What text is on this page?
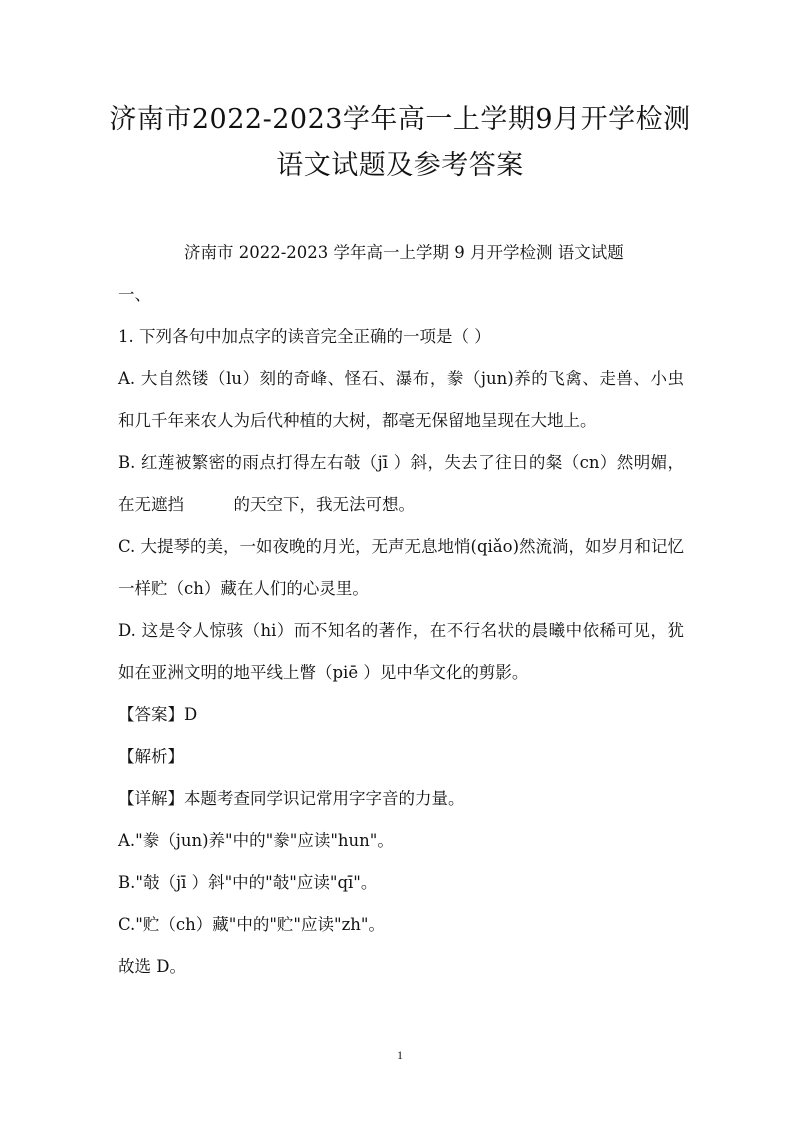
济南市2022-2023学年高一上学期9月开学检测
语文试题及参考答案

济南市 2022-2023 学年高一上学期 9 月开学检测 语文试题

一、

1. 下列各句中加点字的读音完全正确的一项是（ ）

A. 大自然镂（lu）刻的奇峰、怪石、瀑布，豢（jun)养的飞禽、走兽、小虫和几千年来农人为后代种植的大树，都毫无保留地呈现在大地上。

B. 红莲被繁密的雨点打得左右攲（jī ）斜，失去了往日的粲（cn）然明媚，在无遮挡　　　的天空下，我无法可想。

C. 大提琴的美，一如夜晚的月光，无声无息地悄(qiǎo)然流淌，如岁月和记忆一样贮（ch）藏在人们的心灵里。

D. 这是令人惊骇（hi）而不知名的著作，在不行名状的晨曦中依稀可见，犹如在亚洲文明的地平线上瞥（piē ）见中华文化的剪影。

【答案】D

【解析】

【详解】本题考查同学识记常用字字音的力量。

A."豢（jun)养"中的"豢"应读"hun"。

B."攲（jī ）斜"中的"攲"应读"qī"。

C."贮（ch）藏"中的"贮"应读"zh"。

故选 D。

1
